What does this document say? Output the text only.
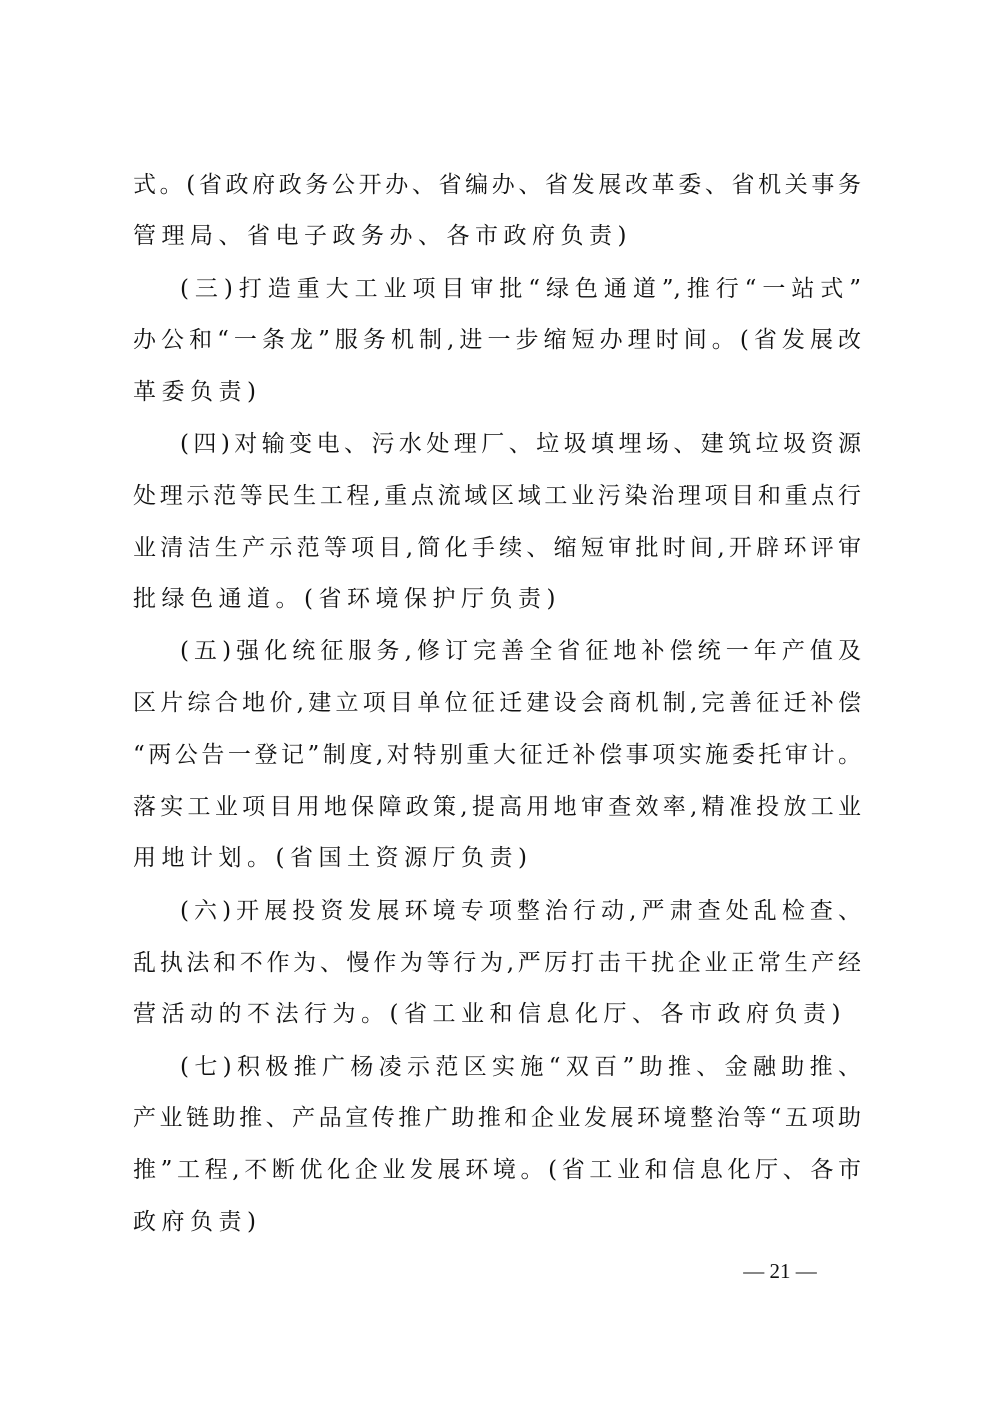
式。(省政府政务公开办、省编办、省发展改革委、省机关事务
管理局、省电子政务办、各市政府负责)
(三)打造重大工业项目审批“绿色通道”,推行“一站式”
办公和“一条龙”服务机制,进一步缩短办理时间。(省发展改
革委负责)
(四)对输变电、污水处理厂、垃圾填埋场、建筑垃圾资源
处理示范等民生工程,重点流域区域工业污染治理项目和重点行
业清洁生产示范等项目,简化手续、缩短审批时间,开辟环评审
批绿色通道。(省环境保护厅负责)
(五)强化统征服务,修订完善全省征地补偿统一年产值及
区片综合地价,建立项目单位征迁建设会商机制,完善征迁补偿
“两公告一登记”制度,对特别重大征迁补偿事项实施委托审计。
落实工业项目用地保障政策,提高用地审查效率,精准投放工业
用地计划。(省国土资源厅负责)
(六)开展投资发展环境专项整治行动,严肃查处乱检查、
乱执法和不作为、慢作为等行为,严厉打击干扰企业正常生产经
营活动的不法行为。(省工业和信息化厅、各市政府负责)
(七)积极推广杨凌示范区实施“双百”助推、金融助推、
产业链助推、产品宣传推广助推和企业发展环境整治等“五项助
推”工程,不断优化企业发展环境。(省工业和信息化厅、各市
政府负责)
— 21 —
